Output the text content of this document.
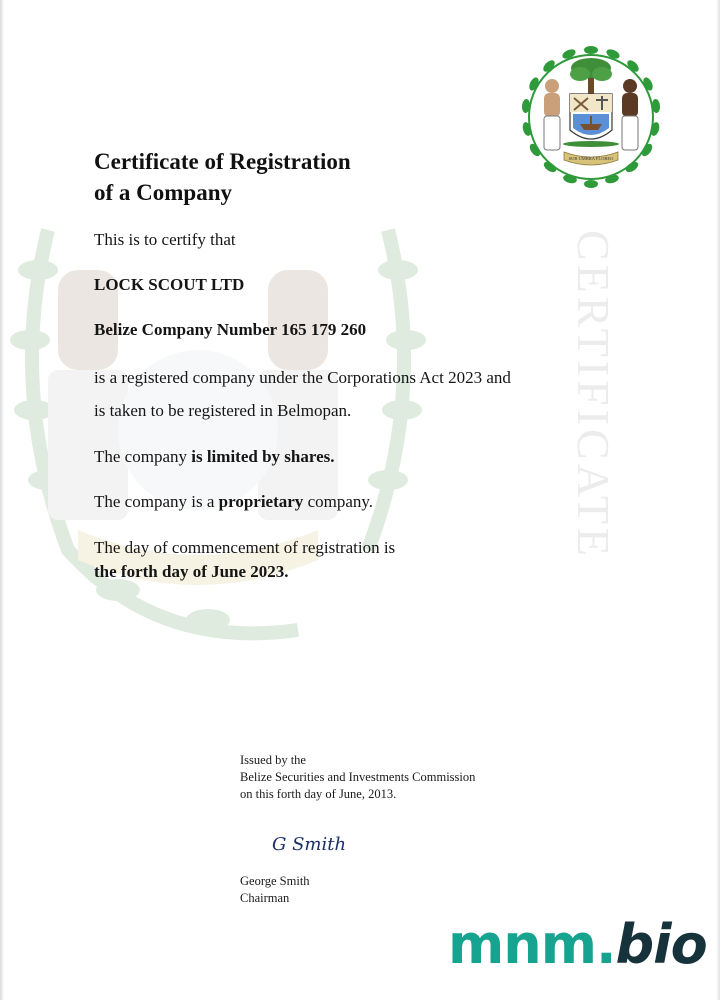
CERTIFICATE
SUB UMBRA FLOREO
Certificate of Registration
of a Company
This is to certify that
LOCK SCOUT LTD
Belize Company Number 165 179 260
is a registered company under the Corporations Act 2023 and
is taken to be registered in Belmopan.
The company is limited by shares.
The company is a proprietary company.
The day of commencement of registration is
the forth day of June 2023.
Issued by the
Belize Securities and Investments Commission
on this forth day of June, 2013.
G Smith
George Smith
Chairman
mnm.bio
